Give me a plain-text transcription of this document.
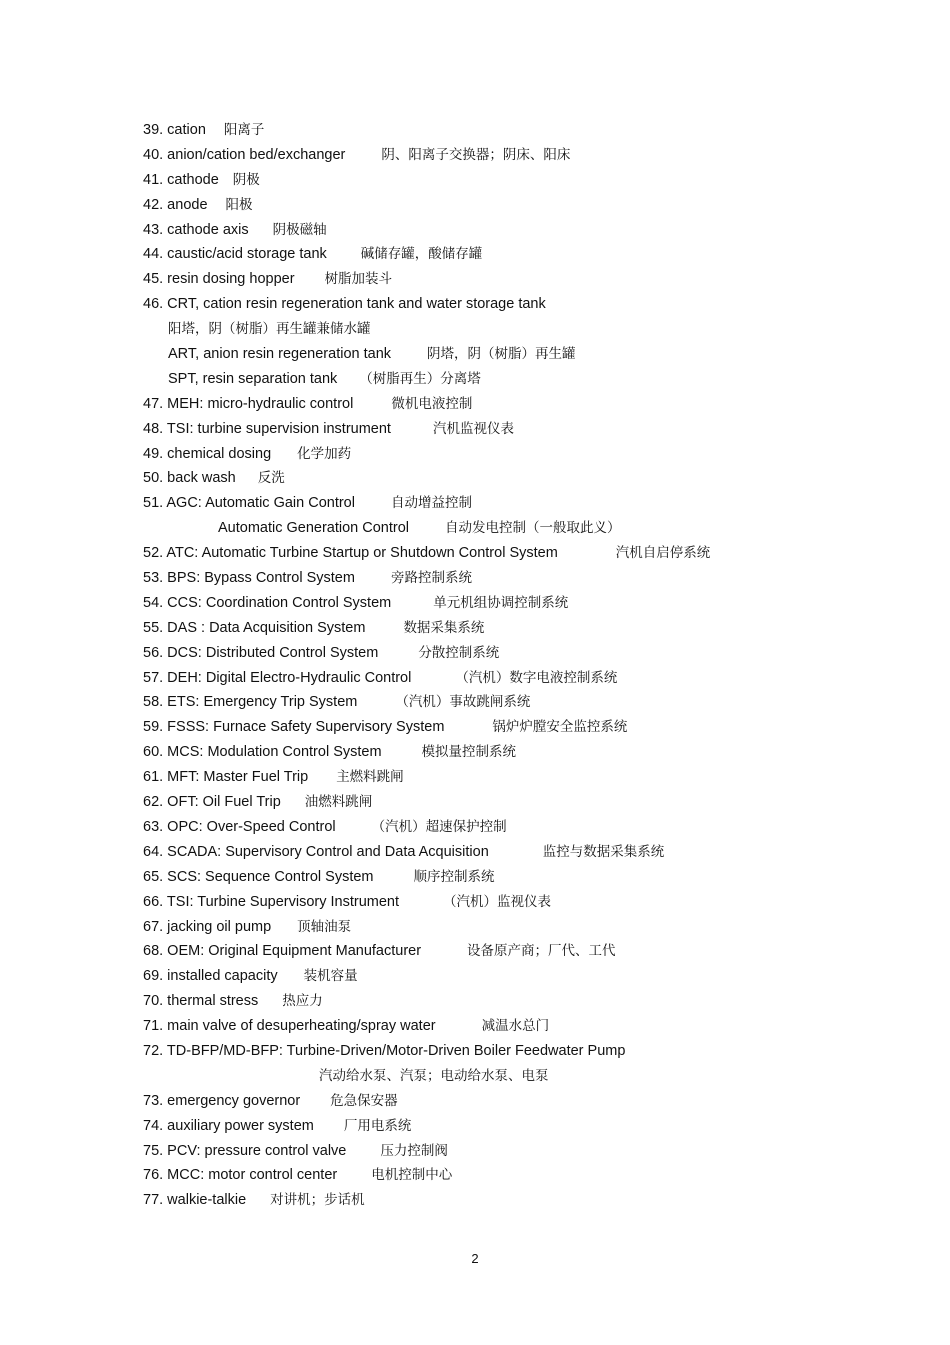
39. cation 阳离子
40. anion/cation bed/exchanger	阴、阳离子交换器；阴床、阳床
41. cathode 阴极
42. anode 阳极
43. cathode axis 阴极磁轴
44. caustic/acid storage tank	碱储存罐，酸储存罐
45. resin dosing hopper 树脂加装斗
46. CRT, cation resin regeneration tank and water storage tank
阳塔，阴（树脂）再生罐兼储水罐
ART, anion resin regeneration tank	阴塔，阴（树脂）再生罐
SPT, resin separation tank （树脂再生）分离塔
47. MEH: micro-hydraulic control	微机电液控制
48. TSI: turbine supervision instrument	汽机监视仪表
49. chemical dosing 化学加药
50. back wash 反洗
51. AGC: Automatic Gain Control	自动增益控制
Automatic Generation Control	自动发电控制（一般取此义）
52. ATC: Automatic Turbine Startup or Shutdown Control System	汽机自启停系统
53. BPS: Bypass Control System	旁路控制系统
54. CCS: Coordination Control System	单元机组协调控制系统
55. DAS : Data Acquisition System	数据采集系统
56. DCS: Distributed Control System	分散控制系统
57. DEH: Digital Electro-Hydraulic Control	（汽机）数字电液控制系统
58. ETS: Emergency Trip System	（汽机）事故跳闸系统
59. FSSS: Furnace Safety Supervisory System	锅炉炉膛安全监控系统
60. MCS: Modulation Control System	模拟量控制系统
61. MFT: Master Fuel Trip 主燃料跳闸
62. OFT: Oil Fuel Trip 油燃料跳闸
63. OPC: Over-Speed Control	（汽机）超速保护控制
64. SCADA: Supervisory Control and Data Acquisition	监控与数据采集系统
65. SCS: Sequence Control System	顺序控制系统
66. TSI: Turbine Supervisory Instrument	（汽机）监视仪表
67. jacking oil pump 顶轴油泵
68. OEM: Original Equipment Manufacturer	设备原产商；厂代、工代
69. installed capacity 装机容量
70. thermal stress 热应力
71. main valve of desuperheating/spray water	减温水总门
72. TD-BFP/MD-BFP: Turbine-Driven/Motor-Driven Boiler Feedwater Pump
汽动给水泵、汽泵；电动给水泵、电泵
73. emergency governor 危急保安器
74. auxiliary power system 厂用电系统
75. PCV: pressure control valve	压力控制阀
76. MCC: motor control center	电机控制中心
77. walkie-talkie 对讲机；步话机
2
